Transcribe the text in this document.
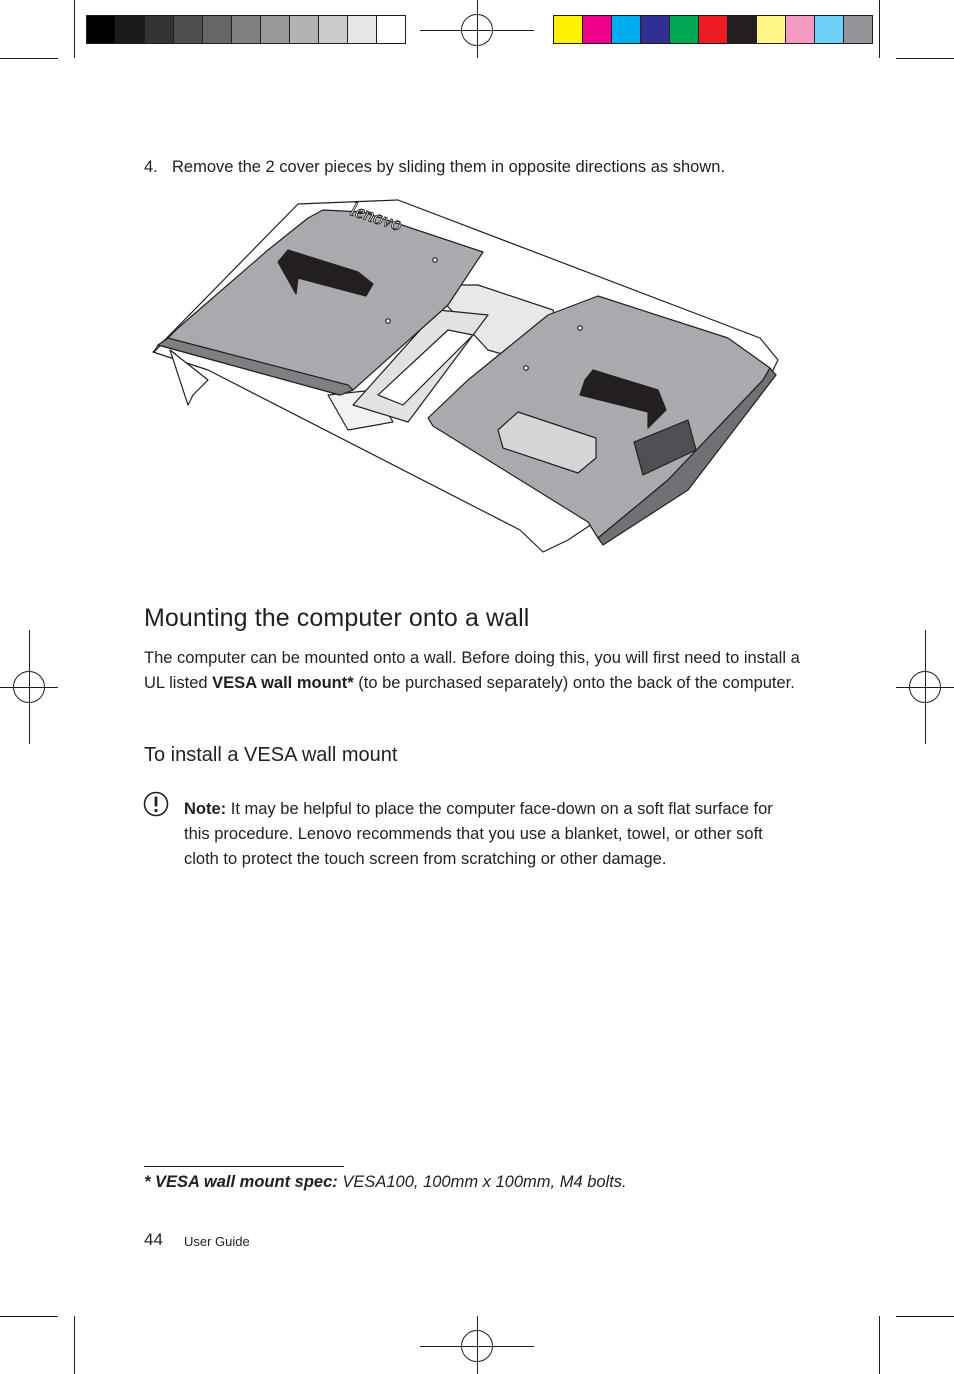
4. Remove the 2 cover pieces by sliding them in opposite directions as shown.
lenovo
Mounting the computer onto a wall

The computer can be mounted onto a wall. Before doing this, you will first need to install a UL listed VESA wall mount* (to be purchased separately) onto the back of the computer.

To install a VESA wall mount

Note: It may be helpful to place the computer face-down on a soft flat surface for this procedure. Lenovo recommends that you use a blanket, towel, or other soft cloth to protect the touch screen from scratching or other damage.

* VESA wall mount spec: VESA100, 100mm x 100mm, M4 bolts.

44 User Guide
